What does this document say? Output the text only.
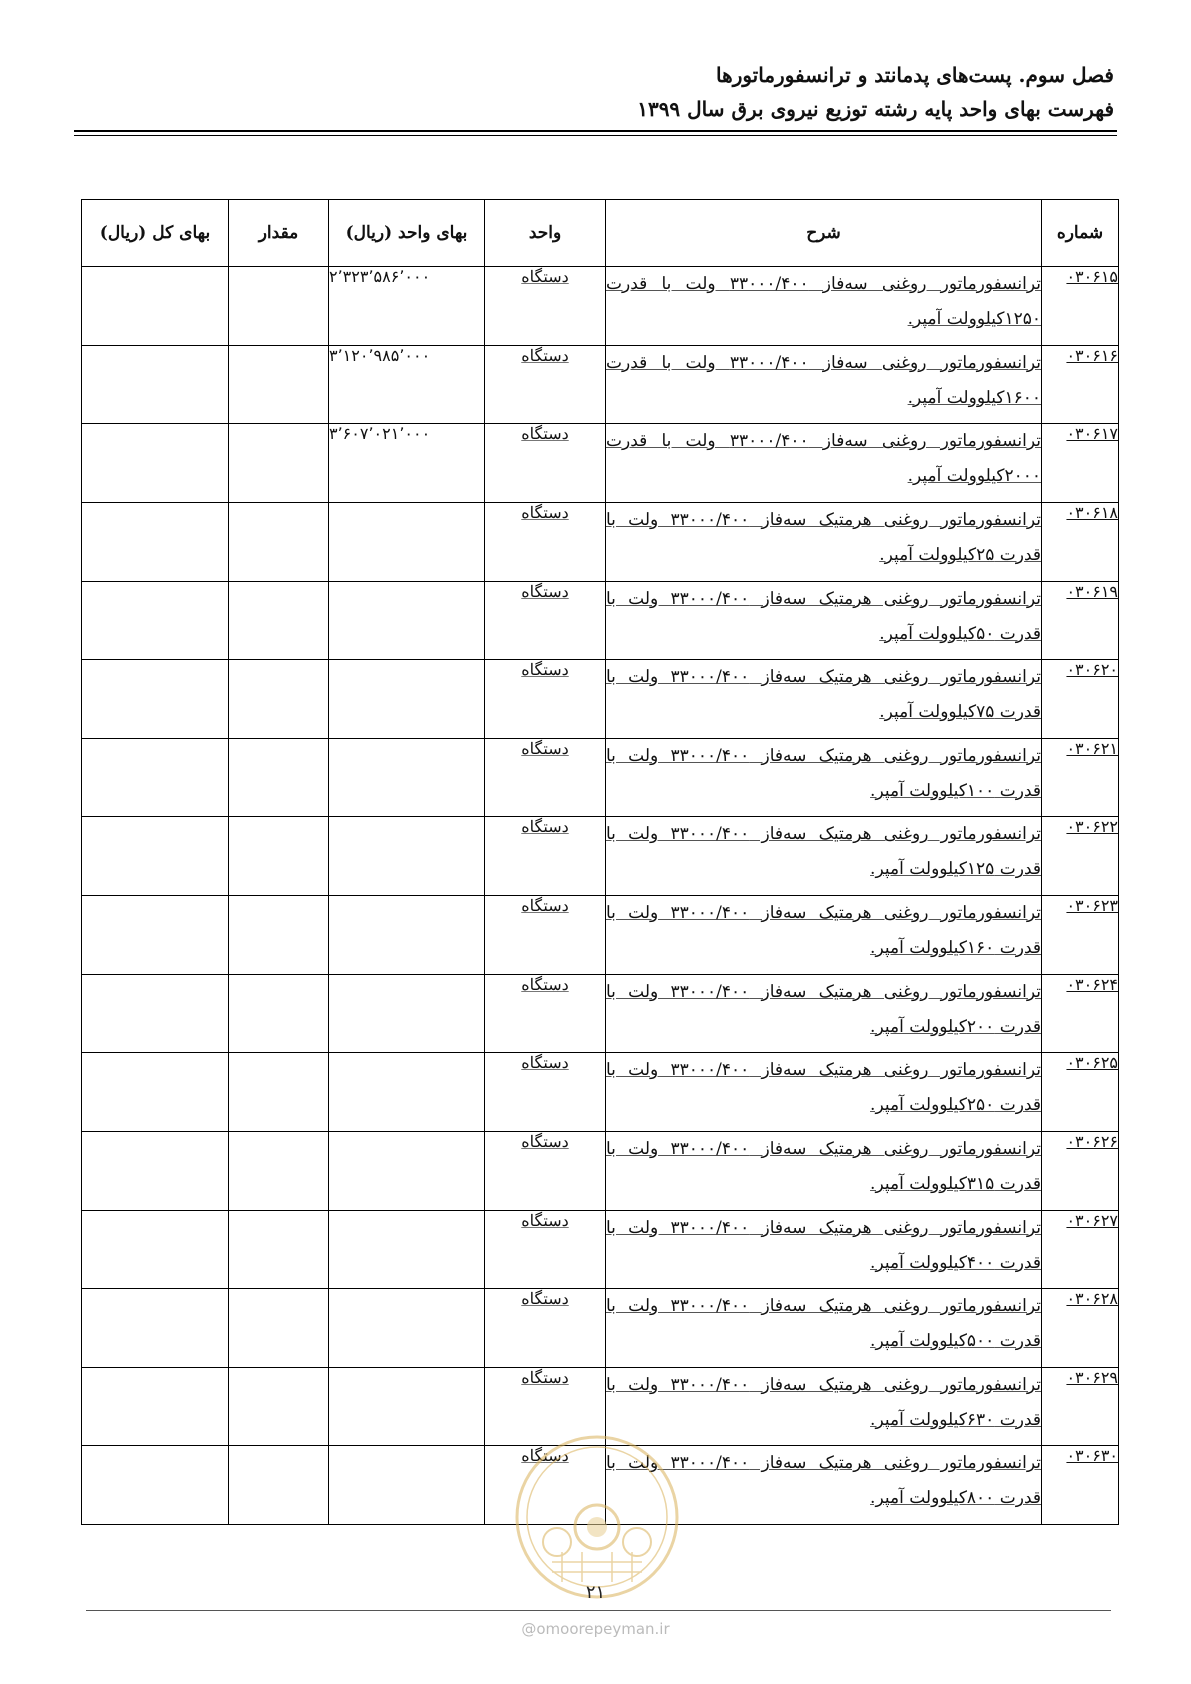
فصل سوم. پست‌های پدمانتد و ترانسفورماتورها
فهرست بهای واحد پایه رشته توزیع نیروی برق سال ۱۳۹۹
شماره	شرح	واحد	بهای واحد (ریال)	مقدار	بهای کل (ریال)
۰۳۰۶۱۵	ترانسفورماتور روغنی سه‌فاز ۳۳۰۰۰/۴۰۰ ولت با قدرت ۱۲۵۰کیلوولت آمپر.	دستگاه	۲٬۳۲۳٬۵۸۶٬۰۰۰		
۰۳۰۶۱۶	ترانسفورماتور روغنی سه‌فاز ۳۳۰۰۰/۴۰۰ ولت با قدرت ۱۶۰۰کیلوولت آمپر.	دستگاه	۳٬۱۲۰٬۹۸۵٬۰۰۰		
۰۳۰۶۱۷	ترانسفورماتور روغنی سه‌فاز ۳۳۰۰۰/۴۰۰ ولت با قدرت ۲۰۰۰کیلوولت آمپر.	دستگاه	۳٬۶۰۷٬۰۲۱٬۰۰۰		
۰۳۰۶۱۸	ترانسفورماتور روغنی هرمتیک سه‌فاز ۳۳۰۰۰/۴۰۰ ولت با قدرت ۲۵کیلوولت آمپر.	دستگاه			
۰۳۰۶۱۹	ترانسفورماتور روغنی هرمتیک سه‌فاز ۳۳۰۰۰/۴۰۰ ولت با قدرت ۵۰کیلوولت آمپر.	دستگاه			
۰۳۰۶۲۰	ترانسفورماتور روغنی هرمتیک سه‌فاز ۳۳۰۰۰/۴۰۰ ولت با قدرت ۷۵کیلوولت آمپر.	دستگاه			
۰۳۰۶۲۱	ترانسفورماتور روغنی هرمتیک سه‌فاز ۳۳۰۰۰/۴۰۰ ولت با قدرت ۱۰۰کیلوولت آمپر.	دستگاه			
۰۳۰۶۲۲	ترانسفورماتور روغنی هرمتیک سه‌فاز ۳۳۰۰۰/۴۰۰ ولت با قدرت ۱۲۵کیلوولت آمپر.	دستگاه			
۰۳۰۶۲۳	ترانسفورماتور روغنی هرمتیک سه‌فاز ۳۳۰۰۰/۴۰۰ ولت با قدرت ۱۶۰کیلوولت آمپر.	دستگاه			
۰۳۰۶۲۴	ترانسفورماتور روغنی هرمتیک سه‌فاز ۳۳۰۰۰/۴۰۰ ولت با قدرت ۲۰۰کیلوولت آمپر.	دستگاه			
۰۳۰۶۲۵	ترانسفورماتور روغنی هرمتیک سه‌فاز ۳۳۰۰۰/۴۰۰ ولت با قدرت ۲۵۰کیلوولت آمپر.	دستگاه			
۰۳۰۶۲۶	ترانسفورماتور روغنی هرمتیک سه‌فاز ۳۳۰۰۰/۴۰۰ ولت با قدرت ۳۱۵کیلوولت آمپر.	دستگاه			
۰۳۰۶۲۷	ترانسفورماتور روغنی هرمتیک سه‌فاز ۳۳۰۰۰/۴۰۰ ولت با قدرت ۴۰۰کیلوولت آمپر.	دستگاه			
۰۳۰۶۲۸	ترانسفورماتور روغنی هرمتیک سه‌فاز ۳۳۰۰۰/۴۰۰ ولت با قدرت ۵۰۰کیلوولت آمپر.	دستگاه			
۰۳۰۶۲۹	ترانسفورماتور روغنی هرمتیک سه‌فاز ۳۳۰۰۰/۴۰۰ ولت با قدرت ۶۳۰کیلوولت آمپر.	دستگاه			
۰۳۰۶۳۰	ترانسفورماتور روغنی هرمتیک سه‌فاز ۳۳۰۰۰/۴۰۰ ولت با قدرت ۸۰۰کیلوولت آمپر.	دستگاه			
۲۱
@omoorepeyman.ir
